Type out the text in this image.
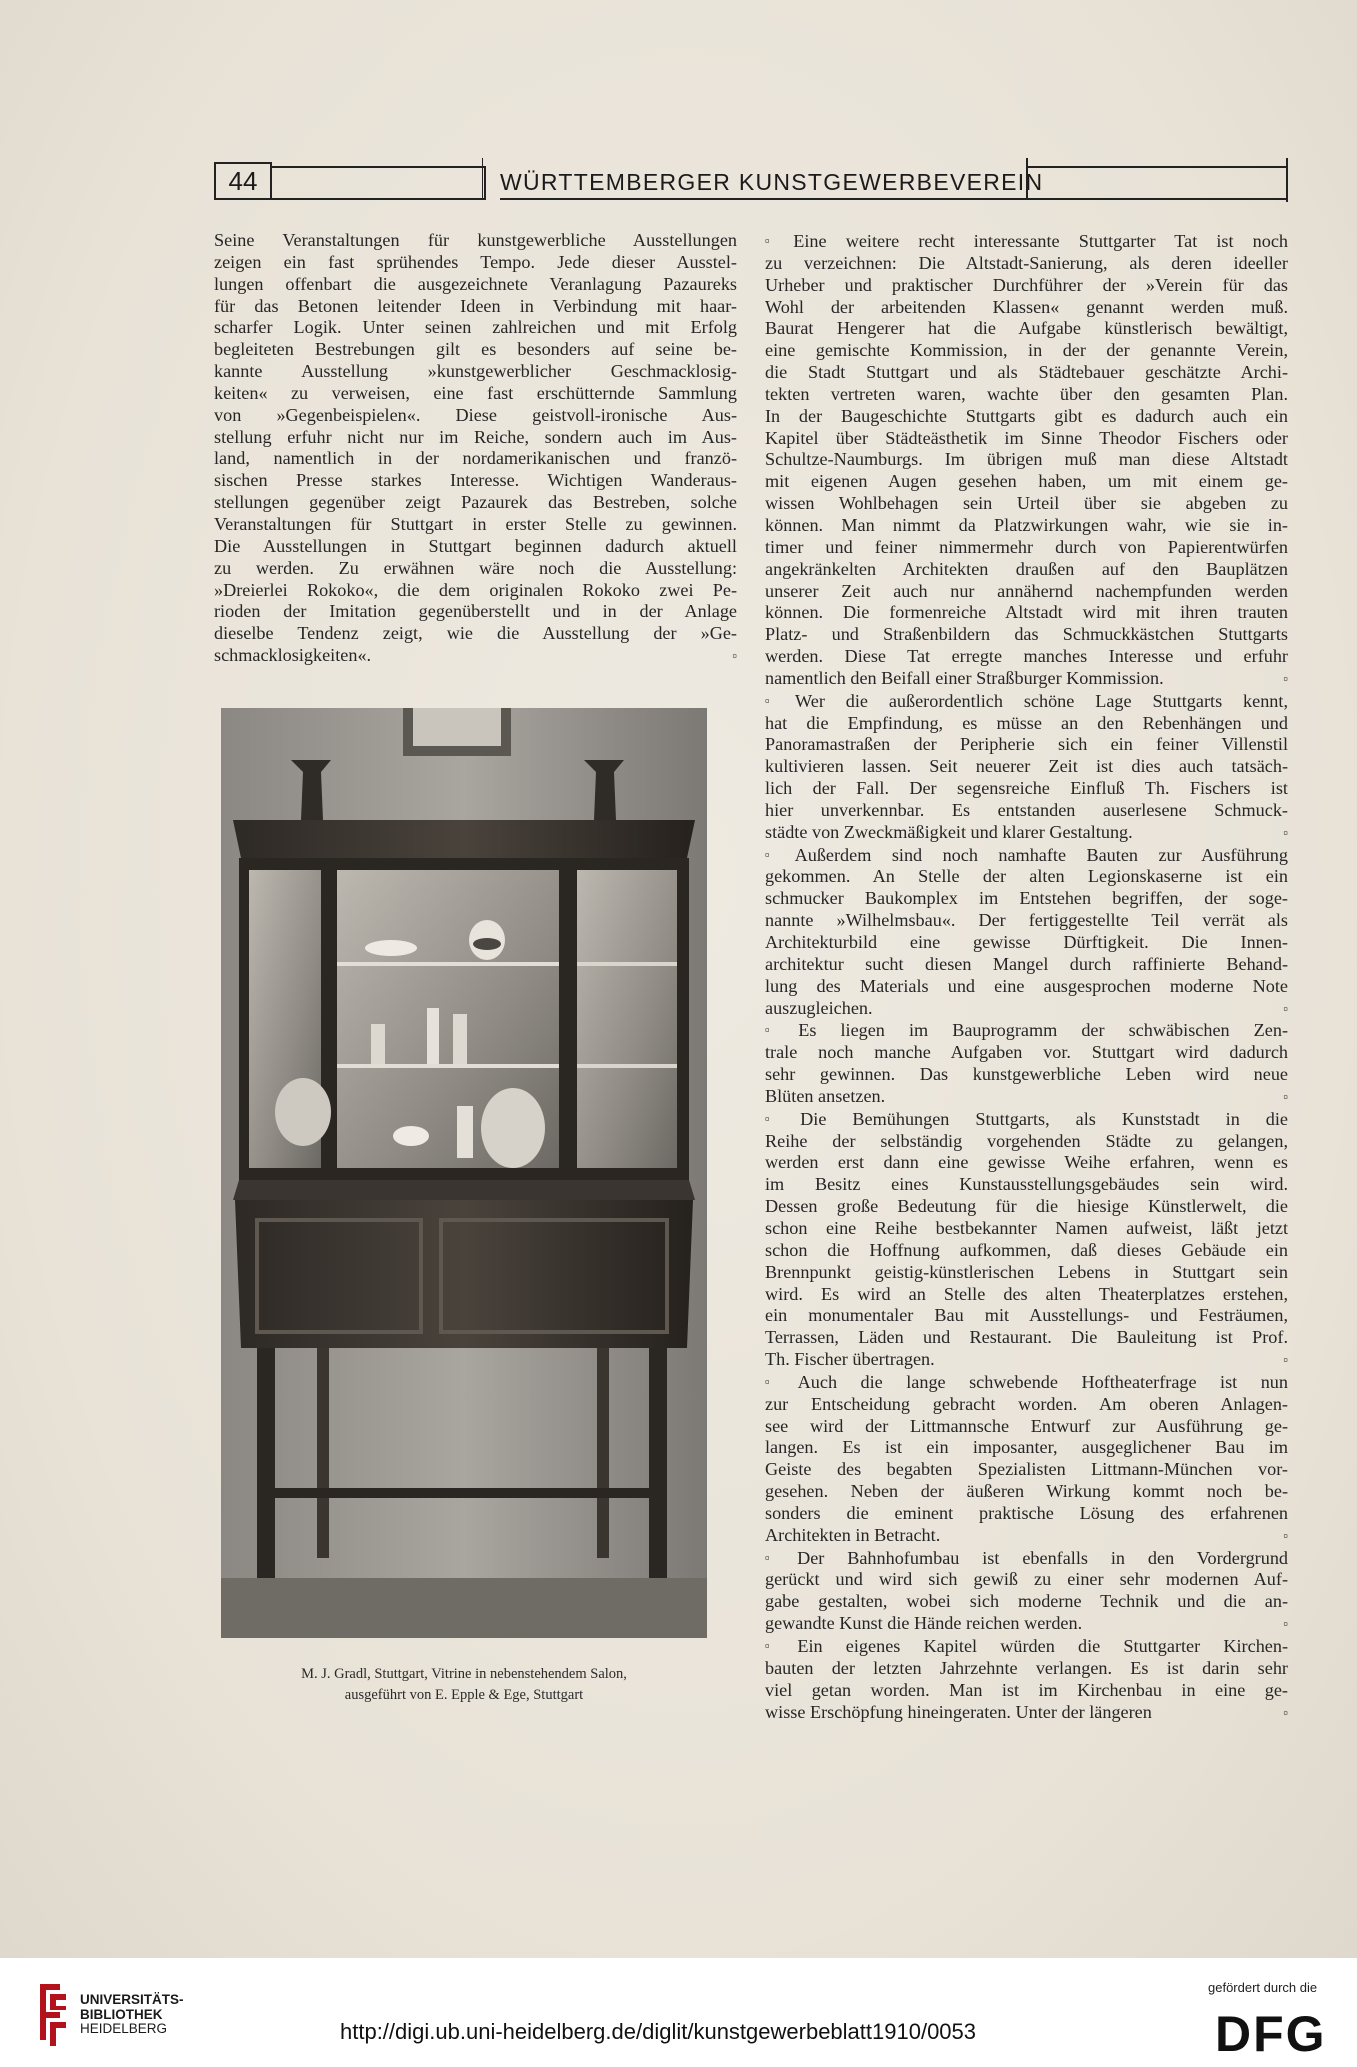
44	WÜRTTEMBERGER KUNSTGEWERBEVEREIN
Seine Veranstaltungen für kunstgewerbliche Ausstellungen
zeigen ein fast sprühendes Tempo. Jede dieser Ausstel-
lungen offenbart die ausgezeichnete Veranlagung Pazaureks
für das Betonen leitender Ideen in Verbindung mit haar-
scharfer Logik. Unter seinen zahlreichen und mit Erfolg
begleiteten Bestrebungen gilt es besonders auf seine be-
kannte Ausstellung »kunstgewerblicher Geschmacklosig-
keiten« zu verweisen, eine fast erschütternde Sammlung
von »Gegenbeispielen«. Diese geistvoll-ironische Aus-
stellung erfuhr nicht nur im Reiche, sondern auch im Aus-
land, namentlich in der nordamerikanischen und franzö-
sischen Presse starkes Interesse. Wichtigen Wanderaus-
stellungen gegenüber zeigt Pazaurek das Bestreben, solche
Veranstaltungen für Stuttgart in erster Stelle zu gewinnen.
Die Ausstellungen in Stuttgart beginnen dadurch aktuell
zu werden. Zu erwähnen wäre noch die Ausstellung:
»Dreierlei Rokoko«, die dem originalen Rokoko zwei Pe-
rioden der Imitation gegenüberstellt und in der Anlage
dieselbe Tendenz zeigt, wie die Ausstellung der »Ge-
schmacklosigkeiten«.	▫
M. J. Gradl, Stuttgart, Vitrine in nebenstehendem Salon,
ausgeführt von E. Epple & Ege, Stuttgart
▫ Eine weitere recht interessante Stuttgarter Tat ist noch
zu verzeichnen: Die Altstadt-Sanierung, als deren ideeller
Urheber und praktischer Durchführer der »Verein für das
Wohl der arbeitenden Klassen« genannt werden muß.
Baurat Hengerer hat die Aufgabe künstlerisch bewältigt,
eine gemischte Kommission, in der der genannte Verein,
die Stadt Stuttgart und als Städtebauer geschätzte Archi-
tekten vertreten waren, wachte über den gesamten Plan.
In der Baugeschichte Stuttgarts gibt es dadurch auch ein
Kapitel über Städteästhetik im Sinne Theodor Fischers oder
Schultze-Naumburgs. Im übrigen muß man diese Altstadt
mit eigenen Augen gesehen haben, um mit einem ge-
wissen Wohlbehagen sein Urteil über sie abgeben zu
können. Man nimmt da Platzwirkungen wahr, wie sie in-
timer und feiner nimmermehr durch von Papierentwürfen
angekränkelten Architekten draußen auf den Bauplätzen
unserer Zeit auch nur annähernd nachempfunden werden
können. Die formenreiche Altstadt wird mit ihren trauten
Platz- und Straßenbildern das Schmuckkästchen Stuttgarts
werden. Diese Tat erregte manches Interesse und erfuhr
namentlich den Beifall einer Straßburger Kommission.	▫
▫ Wer die außerordentlich schöne Lage Stuttgarts kennt,
hat die Empfindung, es müsse an den Rebenhängen und
Panoramastraßen der Peripherie sich ein feiner Villenstil
kultivieren lassen. Seit neuerer Zeit ist dies auch tatsäch-
lich der Fall. Der segensreiche Einfluß Th. Fischers ist
hier unverkennbar. Es entstanden auserlesene Schmuck-
städte von Zweckmäßigkeit und klarer Gestaltung.	▫
▫ Außerdem sind noch namhafte Bauten zur Ausführung
gekommen. An Stelle der alten Legionskaserne ist ein
schmucker Baukomplex im Entstehen begriffen, der soge-
nannte »Wilhelmsbau«. Der fertiggestellte Teil verrät als
Architekturbild eine gewisse Dürftigkeit. Die Innen-
architektur sucht diesen Mangel durch raffinierte Behand-
lung des Materials und eine ausgesprochen moderne Note
auszugleichen.	▫
▫ Es liegen im Bauprogramm der schwäbischen Zen-
trale noch manche Aufgaben vor. Stuttgart wird dadurch
sehr gewinnen. Das kunstgewerbliche Leben wird neue
Blüten ansetzen.	▫
▫ Die Bemühungen Stuttgarts, als Kunststadt in die
Reihe der selbständig vorgehenden Städte zu gelangen,
werden erst dann eine gewisse Weihe erfahren, wenn es
im Besitz eines Kunstausstellungsgebäudes sein wird.
Dessen große Bedeutung für die hiesige Künstlerwelt, die
schon eine Reihe bestbekannter Namen aufweist, läßt jetzt
schon die Hoffnung aufkommen, daß dieses Gebäude ein
Brennpunkt geistig-künstlerischen Lebens in Stuttgart sein
wird. Es wird an Stelle des alten Theaterplatzes erstehen,
ein monumentaler Bau mit Ausstellungs- und Festräumen,
Terrassen, Läden und Restaurant. Die Bauleitung ist Prof.
Th. Fischer übertragen.	▫
▫ Auch die lange schwebende Hoftheaterfrage ist nun
zur Entscheidung gebracht worden. Am oberen Anlagen-
see wird der Littmannsche Entwurf zur Ausführung ge-
langen. Es ist ein imposanter, ausgeglichener Bau im
Geiste des begabten Spezialisten Littmann-München vor-
gesehen. Neben der äußeren Wirkung kommt noch be-
sonders die eminent praktische Lösung des erfahrenen
Architekten in Betracht.	▫
▫ Der Bahnhofumbau ist ebenfalls in den Vordergrund
gerückt und wird sich gewiß zu einer sehr modernen Auf-
gabe gestalten, wobei sich moderne Technik und die an-
gewandte Kunst die Hände reichen werden.	▫
▫ Ein eigenes Kapitel würden die Stuttgarter Kirchen-
bauten der letzten Jahrzehnte verlangen. Es ist darin sehr
viel getan worden. Man ist im Kirchenbau in eine ge-
wisse Erschöpfung hineingeraten. Unter der längeren	▫
UNIVERSITÄTS-
BIBLIOTHEK
HEIDELBERG	http://digi.ub.uni-heidelberg.de/diglit/kunstgewerbeblatt1910/0053
gefördert durch die
DFG
